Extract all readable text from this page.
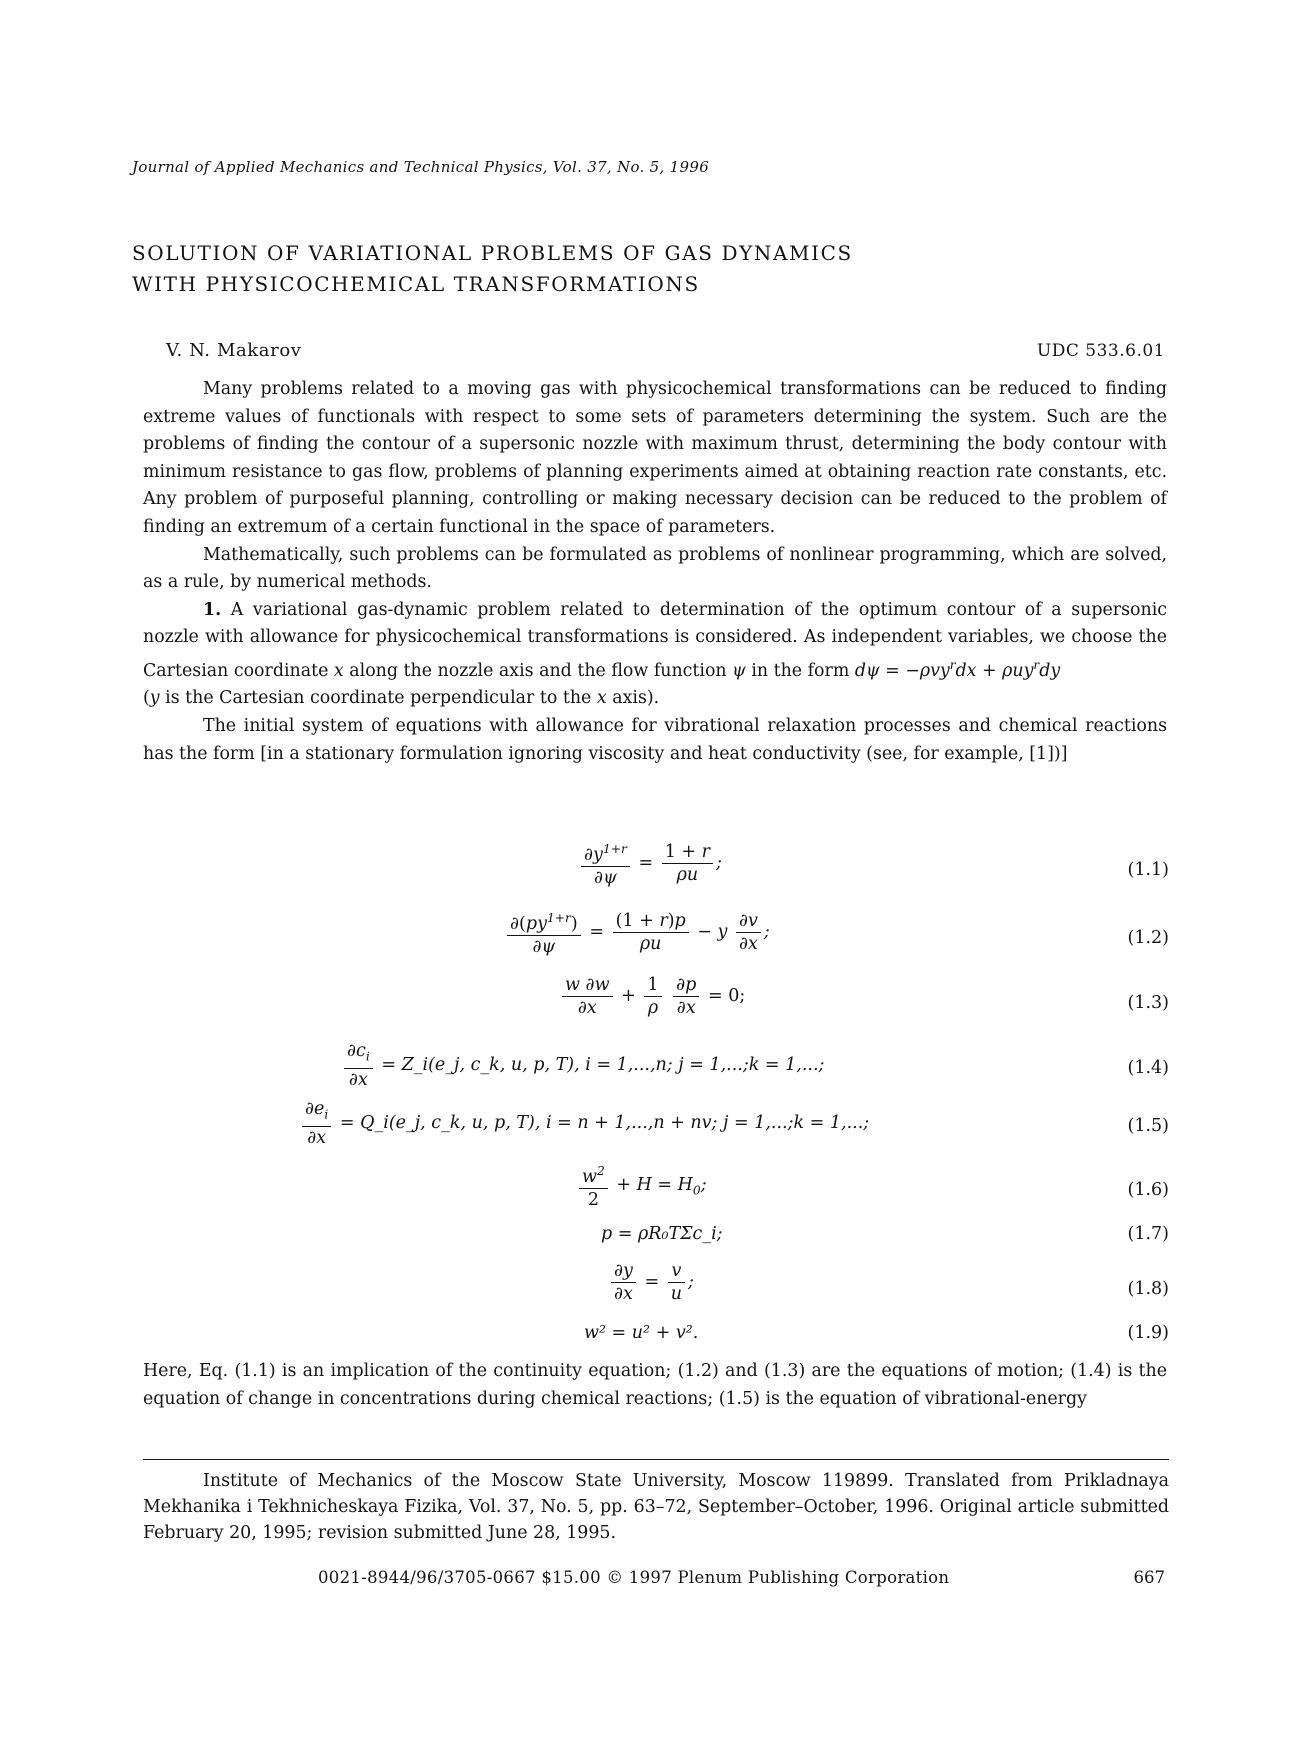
Journal of Applied Mechanics and Technical Physics, Vol. 37, No. 5, 1996
SOLUTION OF VARIATIONAL PROBLEMS OF GAS DYNAMICS
WITH PHYSICOCHEMICAL TRANSFORMATIONS
V. N. Makarov	UDC 533.6.01

Many problems related to a moving gas with physicochemical transformations can be reduced to finding extreme values of functionals with respect to some sets of parameters determining the system. Such are the problems of finding the contour of a supersonic nozzle with maximum thrust, determining the body contour with minimum resistance to gas flow, problems of planning experiments aimed at obtaining reaction rate constants, etc. Any problem of purposeful planning, controlling or making necessary decision can be reduced to the problem of finding an extremum of a certain functional in the space of parameters.

Mathematically, such problems can be formulated as problems of nonlinear programming, which are solved, as a rule, by numerical methods.

1. A variational gas-dynamic problem related to determination of the optimum contour of a supersonic nozzle with allowance for physicochemical transformations is considered. As independent variables, we choose the Cartesian coordinate x along the nozzle axis and the flow function ψ in the form dψ = −ρvy$^r$dx + ρuy$^r$dy

(y is the Cartesian coordinate perpendicular to the x axis).

The initial system of equations with allowance for vibrational relaxation processes and chemical reactions has the form [in a stationary formulation ignoring viscosity and heat conductivity (see, for example, [1])]

$\frac{\partial y^{1+r}}{\partial\psi} = \frac{1 + r}{\rho u}$ ;	(1.1)
$\frac{\partial(py^{1+r})}{\partial\psi} = \frac{(1 + r)p}{\rho u} - y \frac{\partial v}{\partial x}$ ;	(1.2)
$\frac{w \partial w}{\partial x} + \frac{1}{\rho}$
$\frac{\partial p}{\partial x} = 0$;	(1.3)
$\frac{\partial c_i}{\partial x}$ = Z_i(e_j, c_k, u, p, T), i = 1,...,n; j = 1,...;k = 1,...;	(1.4)
$\frac{\partial e_i}{\partial x}$ = Q_i(e_j, c_k, u, p, T), i = n + 1,...,n + nv; j = 1,...;k = 1,...;	(1.5)
$\frac{w^2}{2} + H = H_0$;	(1.6)
p = ρR₀TΣc_i;	(1.7)
$\frac{\partial y}{\partial x} = \frac{v}{u}$ ;	(1.8)
w² = u² + v².	(1.9)

Here, Eq. (1.1) is an implication of the continuity equation; (1.2) and (1.3) are the equations of motion; (1.4) is the equation of change in concentrations during chemical reactions; (1.5) is the equation of vibrational-energy

Institute of Mechanics of the Moscow State University, Moscow 119899. Translated from Prikladnaya Mekhanika i Tekhnicheskaya Fizika, Vol. 37, No. 5, pp. 63–72, September–October, 1996. Original article submitted February 20, 1995; revision submitted June 28, 1995.
0021-8944/96/3705-0667 $15.00 © 1997 Plenum Publishing Corporation	667
